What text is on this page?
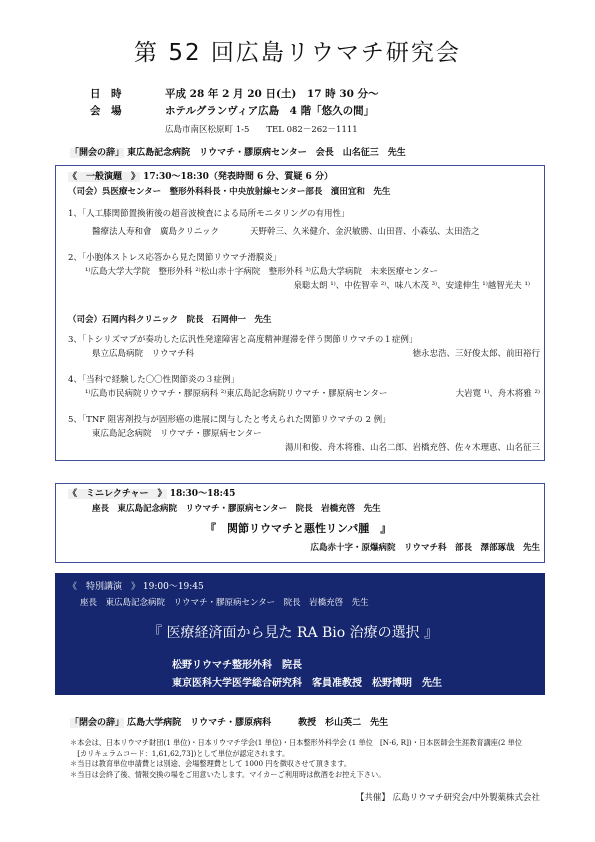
第 52 回広島リウマチ研究会
日　時	平成 28 年 2 月 20 日(土)　17 時 30 分～
会　場	ホテルグランヴィア広島　4 階「悠久の間」
広島市南区松原町 1-5　　TEL 082－262－1111
「開会の辞」 東広島記念病院　リウマチ・膠原病センター　会長　山名征三　先生
《　一般演題　》 17:30～18:30（発表時間 6 分、質疑 6 分）
（司会）呉医療センター　整形外科科長・中央放射線センター部長　濱田宜和　先生
1、「人工膝関節置換術後の超音波検査による局所モニタリングの有用性」
醫療法人寿和會　廣島クリニック	天野幹三、久米健介、金沢敏勝、山田晋、小森弘、太田浩之
2、「小胞体ストレス応答から見た関節リウマチ滑膜炎」
¹⁾広島大学大学院　整形外科 ²⁾松山赤十字病院　整形外科 ³⁾広島大学病院　未来医療センター
泉聡太朗 ¹⁾、中佐智幸 ²⁾、味八木茂 ³⁾、安達伸生 ¹⁾越智光夫 ¹⁾
（司会）石岡内科クリニック　院長　石岡伸一　先生
3、「トシリズマブが奏功した広汎性発達障害と高度精神遅滞を伴う関節リウマチの１症例」
県立広島病院　リウマチ科	徳永忠浩、三好俊太郎、前田裕行
4、「当科で経験した〇〇性関節炎の３症例」
¹⁾広島市民病院リウマチ・膠原病科 ²⁾東広島記念病院リウマチ・膠原病センター	大岩寛 ¹⁾、舟木将雅 ²⁾
5、「TNF 阻害剤投与が固形癌の進展に関与したと考えられた関節リウマチの 2 例」
東広島記念病院　リウマチ・膠原病センター
湯川和俊、舟木将雅、山名二郎、岩橋充啓、佐々木理恵、山名征三
《　ミニレクチャー　》 18:30～18:45
座長　東広島記念病院　リウマチ・膠原病センター　院長　岩橋充啓　先生
『　関節リウマチと悪性リンパ腫　』
広島赤十字・原爆病院　リウマチ科　部長　澤部琢哉　先生
《　特別講演　》 19:00～19:45
座長　東広島記念病院　リウマチ・膠原病センター　院長　岩橋充啓　先生
『 医療経済面から見た RA Bio 治療の選択 』
松野リウマチ整形外科　院長
東京医科大学医学総合研究科　客員准教授　松野博明　先生
「閉会の辞」 広島大学病院　リウマチ・膠原病科　　　教授　杉山英二　先生
＊本会は、日本リウマチ財団(1 単位)・日本リウマチ学会(1 単位)・日本整形外科学会 (1 単位　[N-6, R])・日本医師会生涯教育講座(2 単位
　[カリキュラムコード：1,61,62,73])として単位が認定されます。
＊当日は教育単位申請費とは別途、会場整理費として 1000 円を徴収させて頂きます。
＊当日は会終了後、情報交換の場をご用意いたします。マイカーご利用時は飲酒をお控え下さい。
【共催】 広島リウマチ研究会/中外製薬株式会社
